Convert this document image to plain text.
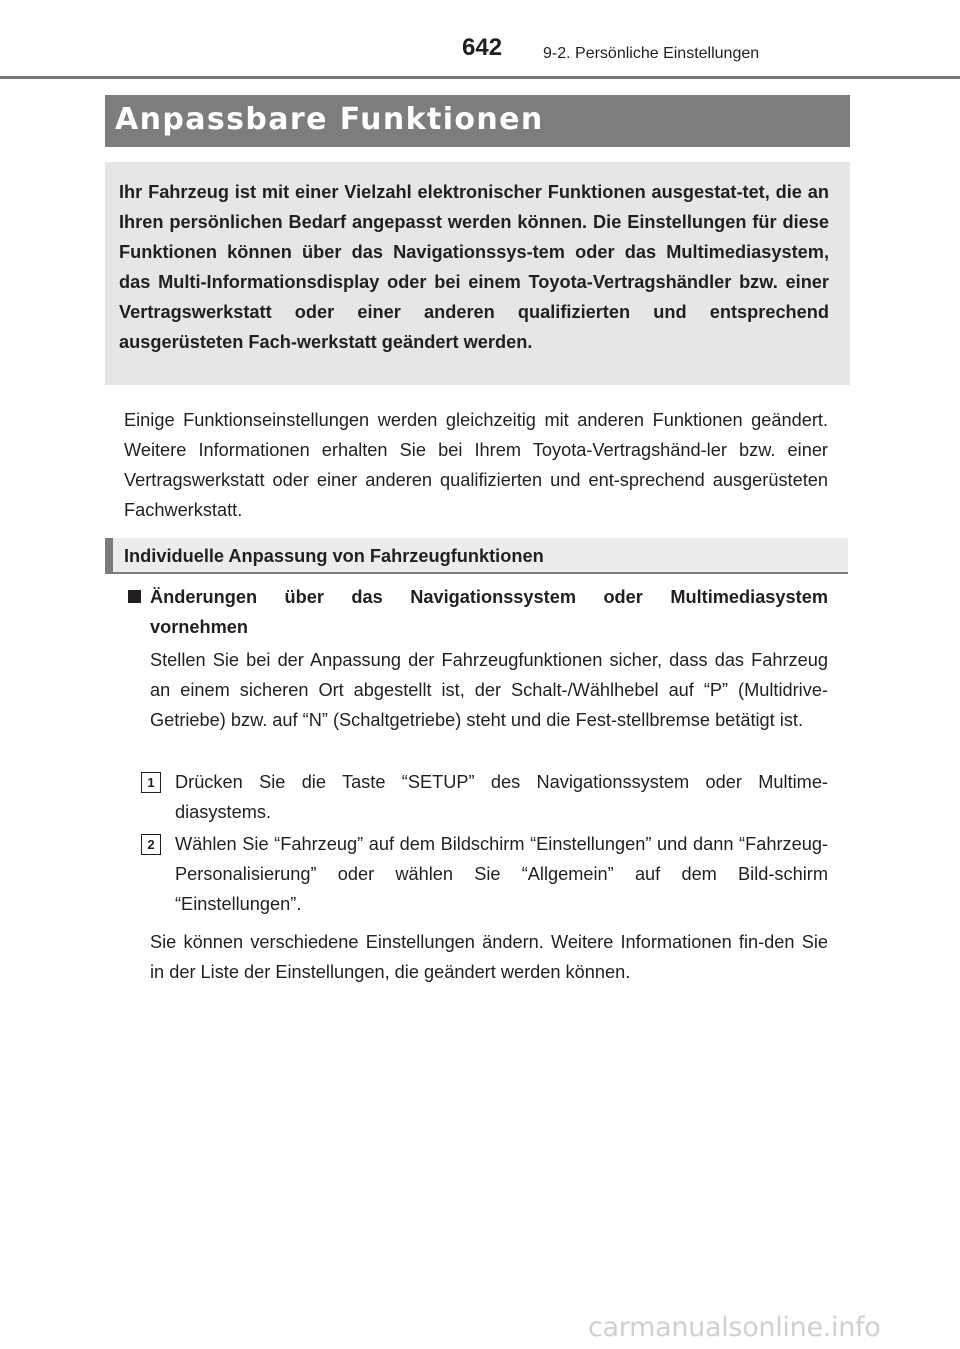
642	9-2. Persönliche Einstellungen
Anpassbare Funktionen
Ihr Fahrzeug ist mit einer Vielzahl elektronischer Funktionen ausgestat-tet, die an Ihren persönlichen Bedarf angepasst werden können. Die Einstellungen für diese Funktionen können über das Navigationssys-tem oder das Multimediasystem, das Multi-Informationsdisplay oder bei einem Toyota-Vertragshändler bzw. einer Vertragswerkstatt oder einer anderen qualifizierten und entsprechend ausgerüsteten Fach-werkstatt geändert werden.
Einige Funktionseinstellungen werden gleichzeitig mit anderen Funktionen geändert. Weitere Informationen erhalten Sie bei Ihrem Toyota-Vertragshänd-ler bzw. einer Vertragswerkstatt oder einer anderen qualifizierten und ent-sprechend ausgerüsteten Fachwerkstatt.
Individuelle Anpassung von Fahrzeugfunktionen
Änderungen über das Navigationssystem oder Multimediasystem
vornehmen
Stellen Sie bei der Anpassung der Fahrzeugfunktionen sicher, dass das Fahrzeug an einem sicheren Ort abgestellt ist, der Schalt-/Wählhebel auf “P” (Multidrive-Getriebe) bzw. auf “N” (Schaltgetriebe) steht und die Fest-stellbremse betätigt ist.
1	Drücken Sie die Taste “SETUP” des Navigationssystem oder Multime-diasystems.
2	Wählen Sie “Fahrzeug” auf dem Bildschirm “Einstellungen” und dann “Fahrzeug-Personalisierung” oder wählen Sie “Allgemein” auf dem Bild-schirm “Einstellungen”.
Sie können verschiedene Einstellungen ändern. Weitere Informationen fin-den Sie in der Liste der Einstellungen, die geändert werden können.
carmanualsonline.info
